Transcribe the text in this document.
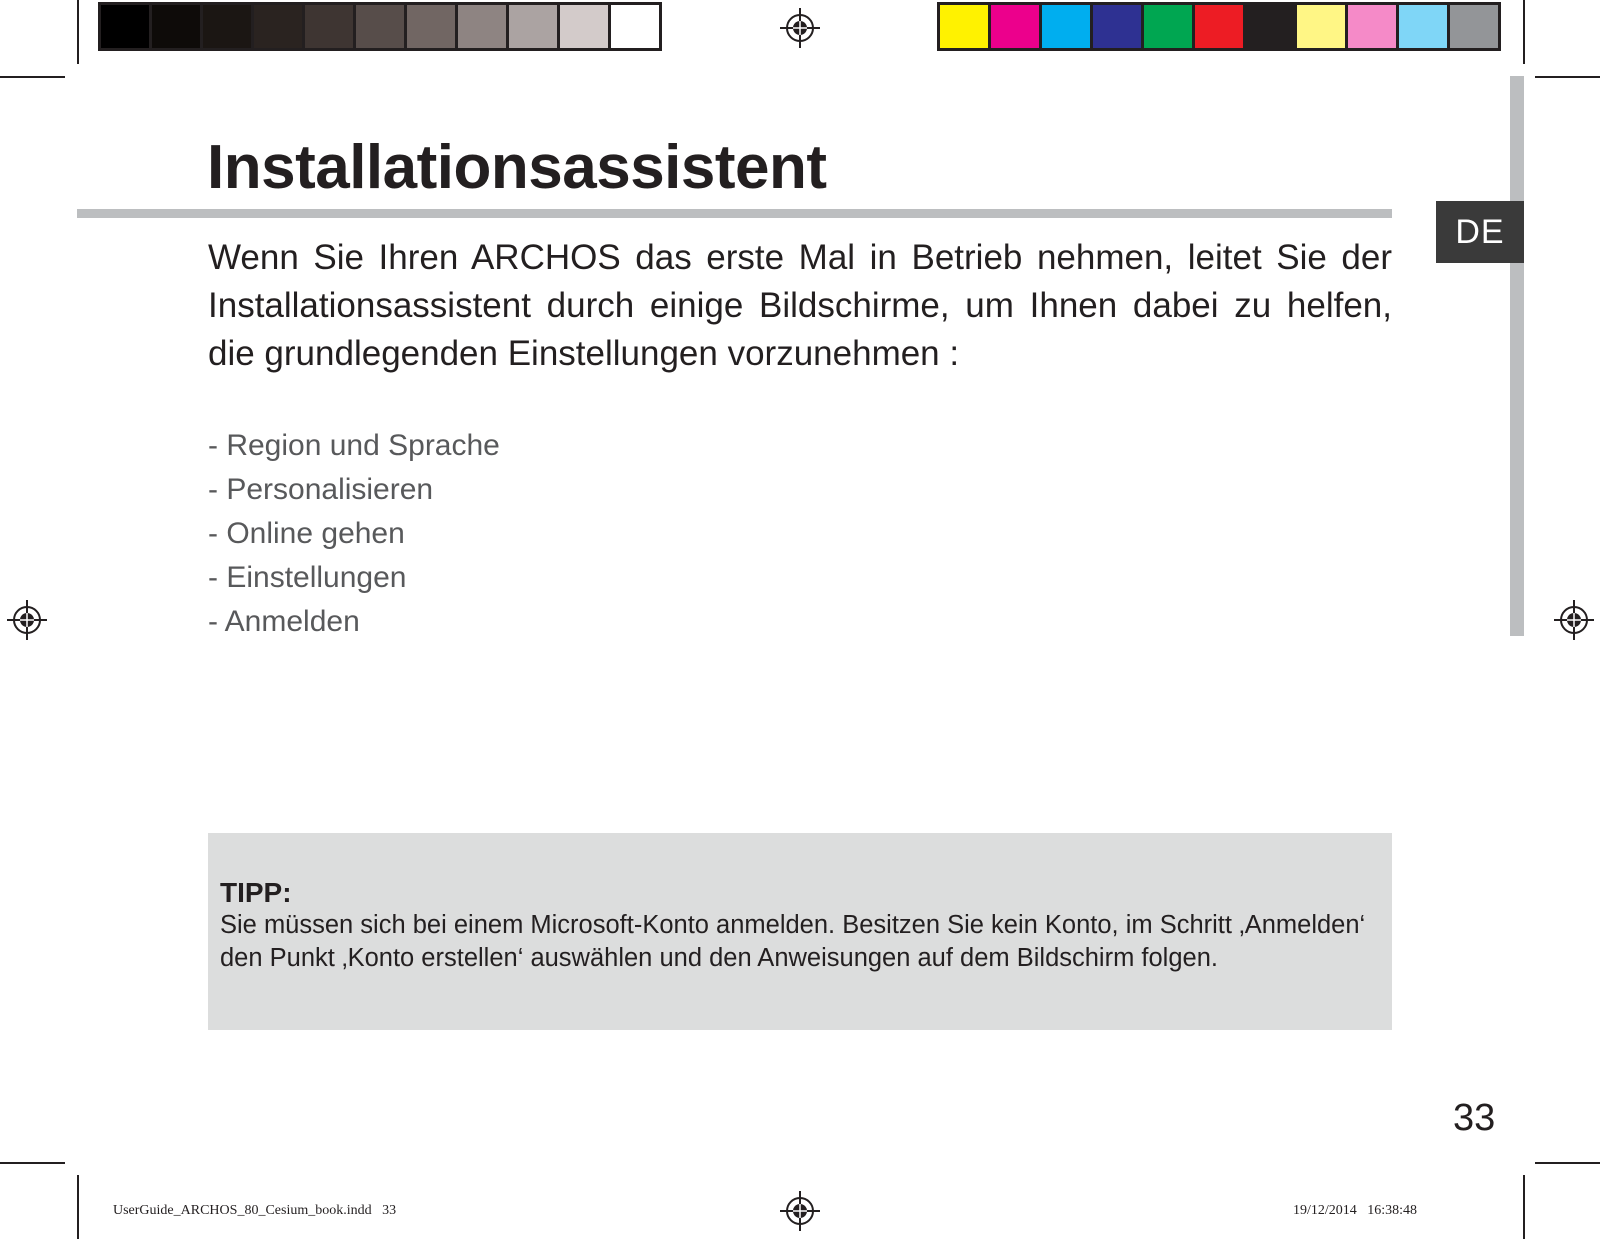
DE
Installationsassistent

Wenn Sie Ihren ARCHOS das erste Mal in Betrieb nehmen, leitet Sie der Installationsassistent durch einige Bildschirme, um Ihnen dabei zu helfen, die grundlegenden Einstellungen vorzunehmen :

- Region und Sprache
- Personalisieren
- Online gehen
- Einstellungen
- Anmelden
TIPP:

Sie müssen sich bei einem Microsoft-Konto anmelden. Besitzen Sie kein Konto, im Schritt ‚Anmelden‘ den Punkt ‚Konto erstellen‘ auswählen und den Anweisungen auf dem Bildschirm folgen.

33
UserGuide_ARCHOS_80_Cesium_book.indd   33	19/12/2014   16:38:48
